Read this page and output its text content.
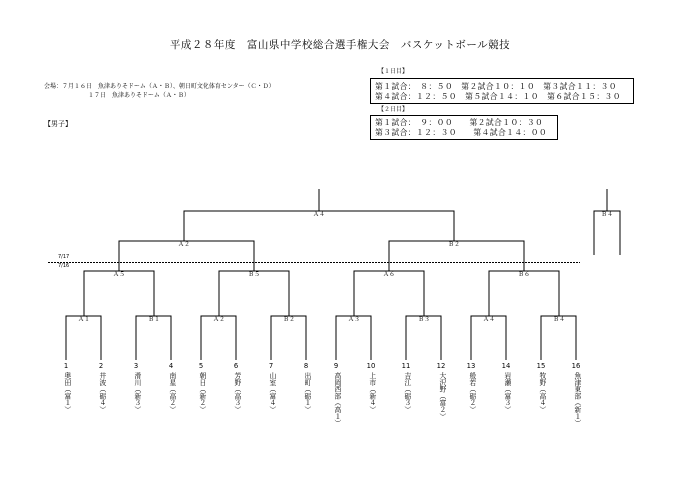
平成２８年度　富山県中学校総合選手権大会　バスケットボール競技
会場：７月１６日　魚津ありそドーム（Ａ・Ｂ）、朝日町文化体育センター（Ｃ・Ｄ）
１７日　魚津ありそドーム（Ａ・Ｂ）
【男子】
【１日目】
第１試合：　８：５０　第２試合１０：１０　第３試合１１：３０
第４試合：１２：５０　第５試合１４：１０　第６試合１５：３０
【２日目】
第１試合：　９：００　　第２試合１０：３０
第３試合：１２：３０　　第４試合１４：００
7/17
7/16
Ａ４	Ｂ４
Ａ２	Ｂ２
Ａ５	Ｂ５	Ａ６	Ｂ６
Ａ１	Ｂ１	Ａ２	Ｂ２	Ａ３	Ｂ３	Ａ４	Ｂ４
1
奥田（富１）
2
井波（砺４）
3
滑川（新３）
4
南星（高２）
5
朝日（新２）
6
芳野（高３）
7
山室（富４）
8
出町（砺１）
9
高岡西部（高１）
10
上市（新４）
11
吉江（砺３）
12
大沢野（富２）
13
般若（砺２）
14
岩瀬（富３）
15
牧野（高４）
16
魚津東部（新１）
